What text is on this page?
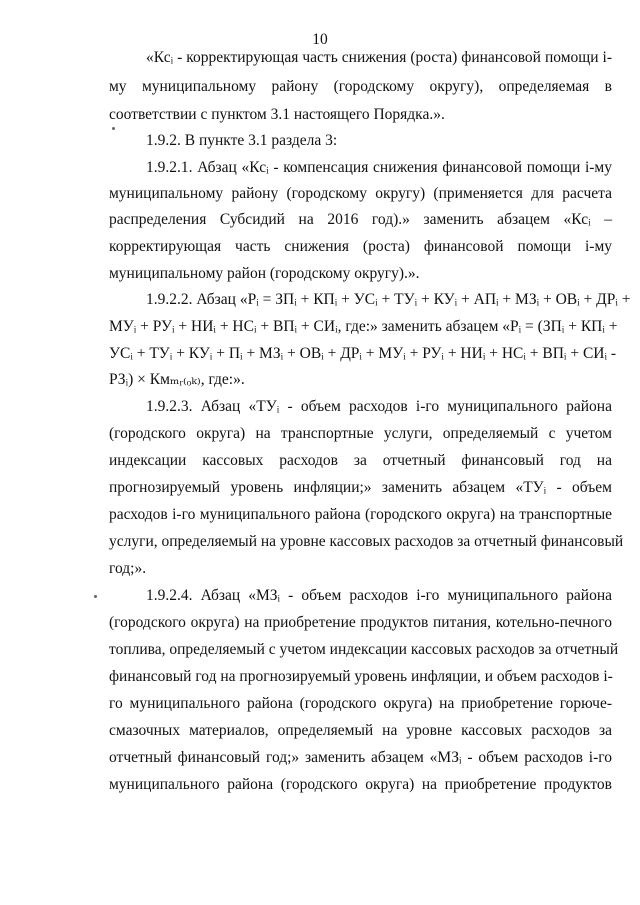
10
«Ксᵢ - корректирующая часть снижения (роста) финансовой помощи i-
му муниципальному району (городскому округу), определяемая в
соответствии с пунктом 3.1 настоящего Порядка.».
1.9.2. В пункте 3.1 раздела 3:
1.9.2.1. Абзац «Ксᵢ - компенсация снижения финансовой помощи i-му
муниципальному району (городскому округу) (применяется для расчета
распределения Субсидий на 2016 год).» заменить абзацем «Ксᵢ –
корректирующая часть снижения (роста) финансовой помощи i-му
муниципальному район (городскому округу).».
1.9.2.2. Абзац «Pᵢ = ЗПᵢ + КПᵢ + УСᵢ + ТУᵢ + КУᵢ + АПᵢ + МЗᵢ + ОВᵢ + ДРᵢ +
МУᵢ + РУᵢ + НИᵢ + НСᵢ + ВПᵢ + СИᵢ, где:» заменить абзацем «Pᵢ = (ЗПᵢ + КПᵢ +
УСᵢ + ТУᵢ + КУᵢ + Пᵢ + МЗᵢ + ОВᵢ + ДРᵢ + МУᵢ + РУᵢ + НИᵢ + НСᵢ + ВПᵢ + СИᵢ -
РЗᵢ) × Кмₘᵣ₍ₒₖ₎, где:».
1.9.2.3. Абзац «ТУᵢ - объем расходов i-го муниципального района
(городского округа) на транспортные услуги, определяемый с учетом
индексации кассовых расходов за отчетный финансовый год на
прогнозируемый уровень инфляции;» заменить абзацем «ТУᵢ - объем
расходов i-го муниципального района (городского округа) на транспортные
услуги, определяемый на уровне кассовых расходов за отчетный финансовый
год;».
1.9.2.4. Абзац «МЗᵢ - объем расходов i-го муниципального района
(городского округа) на приобретение продуктов питания, котельно-печного
топлива, определяемый с учетом индексации кассовых расходов за отчетный
финансовый год на прогнозируемый уровень инфляции, и объем расходов i-
го муниципального района (городского округа) на приобретение горюче-
смазочных материалов, определяемый на уровне кассовых расходов за
отчетный финансовый год;» заменить абзацем «МЗᵢ - объем расходов i-го
муниципального района (городского округа) на приобретение продуктов
